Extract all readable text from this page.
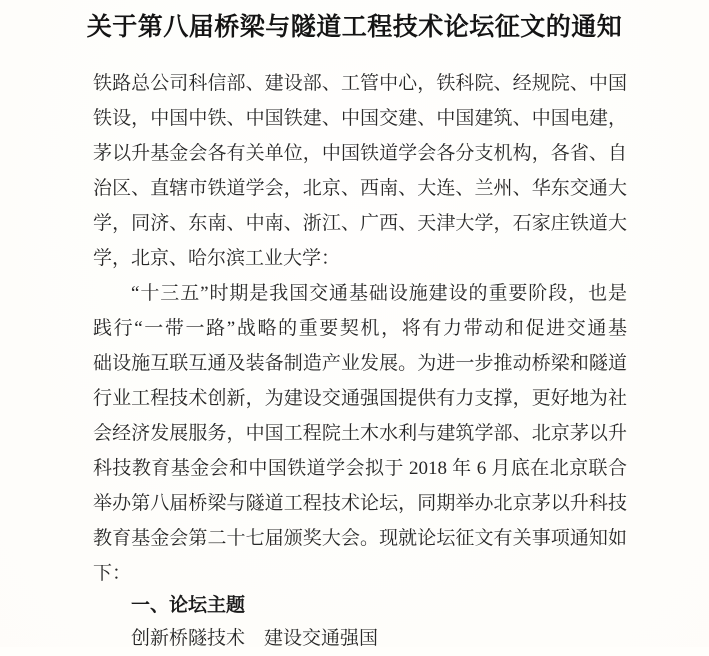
关于第八届桥梁与隧道工程技术论坛征文的通知
铁路总公司科信部、建设部、工管中心，铁科院、经规院、中国
铁设，中国中铁、中国铁建、中国交建、中国建筑、中国电建，
茅以升基金会各有关单位，中国铁道学会各分支机构，各省、自
治区、直辖市铁道学会，北京、西南、大连、兰州、华东交通大
学，同济、东南、中南、浙江、广西、天津大学，石家庄铁道大
学，北京、哈尔滨工业大学：
“十三五”时期是我国交通基础设施建设的重要阶段，也是
践行“一带一路”战略的重要契机，将有力带动和促进交通基
础设施互联互通及装备制造产业发展。为进一步推动桥梁和隧道
行业工程技术创新，为建设交通强国提供有力支撑，更好地为社
会经济发展服务，中国工程院土木水利与建筑学部、北京茅以升
科技教育基金会和中国铁道学会拟于 2018 年 6 月底在北京联合
举办第八届桥梁与隧道工程技术论坛，同期举办北京茅以升科技
教育基金会第二十七届颁奖大会。现就论坛征文有关事项通知如
下：
一、论坛主题
创新桥隧技术　建设交通强国
